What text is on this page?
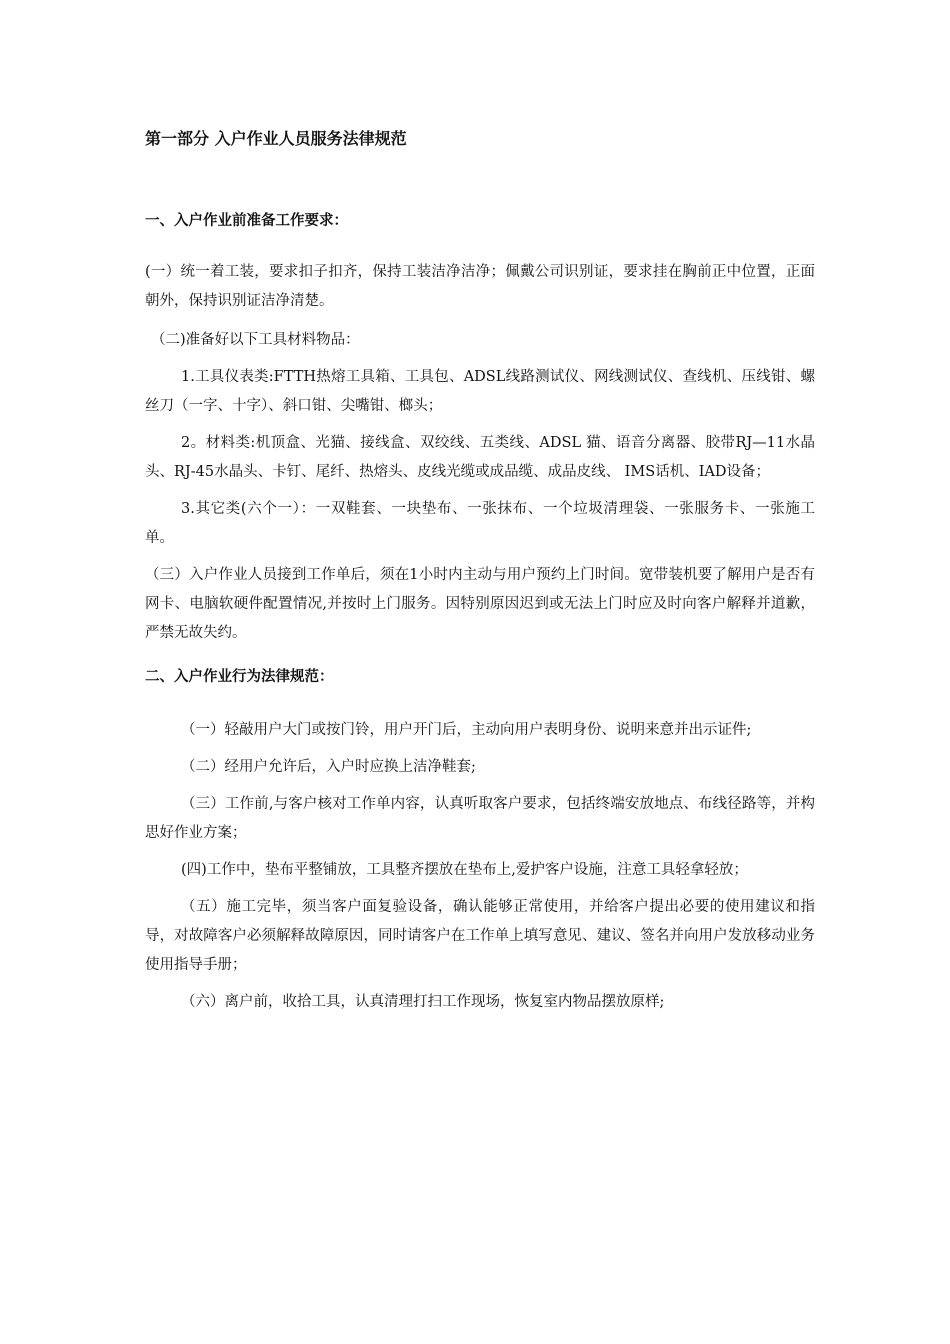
第一部分 入户作业人员服务法律规范
一、入户作业前准备工作要求：

(一）统一着工装，要求扣子扣齐，保持工装洁净洁净；佩戴公司识别证，要求挂在胸前正中位置，正面朝外，保持识别证洁净清楚。

（二)准备好以下工具材料物品：

1.工具仪表类:FTTH热熔工具箱、工具包、ADSL线路测试仪、网线测试仪、查线机、压线钳、螺丝刀（一字、十字）、斜口钳、尖嘴钳、榔头；

2。材料类:机顶盒、光猫、接线盒、双绞线、五类线、ADSL 猫、语音分离器、胶带RJ—11水晶头、RJ-45水晶头、卡钉、尾纤、热熔头、皮线光缆或成品缆、成品皮线、 IMS话机、IAD设备；

3.其它类(六个一）：一双鞋套、一块垫布、一张抹布、一个垃圾清理袋、一张服务卡、一张施工单。

（三）入户作业人员接到工作单后，须在1小时内主动与用户预约上门时间。宽带装机要了解用户是否有网卡、电脑软硬件配置情况,并按时上门服务。因特别原因迟到或无法上门时应及时向客户解释并道歉，严禁无故失约。

二、入户作业行为法律规范：

（一）轻敲用户大门或按门铃，用户开门后，主动向用户表明身份、说明来意并出示证件;

（二）经用户允许后，入户时应换上洁净鞋套;

（三）工作前,与客户核对工作单内容，认真听取客户要求，包括终端安放地点、布线径路等，并构思好作业方案；

(四)工作中，垫布平整铺放，工具整齐摆放在垫布上,爱护客户设施，注意工具轻拿轻放；

（五）施工完毕，须当客户面复验设备，确认能够正常使用，并给客户提出必要的使用建议和指导，对故障客户必须解释故障原因，同时请客户在工作单上填写意见、建议、签名并向用户发放移动业务使用指导手册；

（六）离户前，收拾工具，认真清理打扫工作现场，恢复室内物品摆放原样;
